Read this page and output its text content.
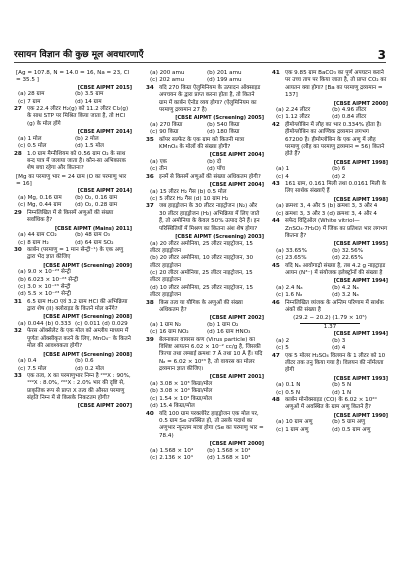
रसायन विज्ञान की कुछ मूल अवधारणाएँ	3
[Ag = 107.8, N = 14.0 = 16, Na = 23, Cl = 35.5 ]
[CBSE AIPMT 2015]
(a) 28 ग्राम	(b) 3.5 ग्राम
(c) 7 ग्राम	(d) 14 ग्राम
27 एक 22.4 लीटर H₂(g) को 11.2 लीटर Cl₂(g) के साथ STP पर मिश्रित किया जाता है, तो HCl (g) के मोल होंगे
[CBSE AIPMT 2014]
(a) 1 मोल	(b) 2 मोल
(c) 0.5 मोल	(d) 1.5 मोल
28 1.0 ग्राम मैग्नीशियम को 0.56 ग्राम O₂ के साथ बन्द पात्र में जलाया जाता है। कौन-सा अभिकारक शेष बचा रहेगा और कितना?
[Mg का परमाणु भार = 24 ग्राम (O का परमाणु भार = 16]
[CBSE AIPMT 2014]
(a) Mg, 0.16 ग्राम	(b) O₂, 0.16 ग्राम
(c) Mg, 0.44 ग्राम	(d) O₂, 0.28 ग्राम
29 निम्नलिखित में से किसमें अणुओं की संख्या सर्वाधिक है?
[CBSE AIPMT (Mains) 2011]
(a) 44 ग्राम CO₂	(b) 48 ग्राम O₃
(c) 8 ग्राम H₂	(d) 64 ग्राम SO₂
30 कार्बन (परमाणु = 1 मान सेन्ट्री⁻¹) के एक अणु द्वारा भेद ज्ञात कीजिए
[CBSE AIPMT (Screening) 2009]
(a) 9.0 × 10⁻²³ सेन्ट्री
(b) 6.023 × 10⁻²³ सेन्ट्री
(c) 3.0 × 10⁻²³ सेन्ट्री
(d) 5.5 × 10⁻²³ सेन्ट्री
31 6.5 ग्राम H₂O एवं 3.2 ग्राम HCl की अभिक्रिया द्वारा शेष (II) क्लोराइड के कितने मोल बनेंगे?
[CBSE AIPMT (Screening) 2008]
(a) 0.044 (b) 0.333 (c) 0.011 (d) 0.029
32 फेरस ऑक्सेलेट के एक मोल को अम्लीय माध्यम में पूर्णतः ऑक्सीकृत करने के लिए, MnO₄⁻ के कितने मोल की आवश्यकता होगी?
[CBSE AIPMT (Screening) 2008]
(a) 0.4	(b) 0.6
(c) 7.5 मोल	(d) 0.2 मोल
33 एक तत्व, X का परमाणुभार निम्न है ²⁰⁰X : 90%, ¹⁹⁹X : 8.0%, ²⁰²X : 2.0% भार की दृष्टि से, प्राकृतिक रूप से प्राप्त X तत्व की औसत परमाणु संहति निम्न में से किसके निकटतम होगी?
[CBSE AIPMT 2007]
(a) 200 amu	(b) 201 amu
(c) 202 amu	(d) 199 amu
34 यदि 270 किग्रा ऐलुमिनियम के उत्पादन ऑक्साइड अपचयन के द्वारा प्राप्त करना होता है, तो कितने ग्राम में कार्बन ऐनोड व्यय होगा? (ऐलुमिनियम का परमाणु द्रव्यमान 27 है)
[CBSE AIPMT (Screening) 2005]
(a) 270 किग्रा	(b) 540 किग्रा
(c) 90 किग्रा	(d) 180 किग्रा
35 कॉपर सल्फेट के एक ग्राम को कितनी मात्रा KMnO₄ के मोलों की संख्या होगी?
[CBSE AIPMT 2004]
(a) एक	(b) दो
(c) तीन	(d) पाँच
36 इनमें से किसमें अणुओं की संख्या अधिकतम होगी?
[CBSE AIPMT 2004]
(a) 15 लीटर H₂ गैस (b) 0.5 मोल
(c) 5 लीटर H₂ गैस (d) 10 ग्राम H₂
37 जब हाइड्रोजन के 30 लीटर नाइट्रोजन (N₂) और 30 लीटर हाइड्रोजन (H₂) अभिक्रिया में लिए जाते हैं, तो अमोनिया के केवल 50% उत्पाद देने हैं। इन परिस्थितियों में मिश्रण का कितना अंश शेष होगा?
[CBSE AIPMT (Screening) 2003]
(a) 20 लीटर अमोनिया, 25 लीटर नाइट्रोजन, 15 लीटर हाइड्रोजन
(b) 20 लीटर अमोनिया, 10 लीटर नाइट्रोजन, 30 लीटर हाइड्रोजन
(c) 20 लीटर अमोनिया, 25 लीटर नाइट्रोजन, 15 लीटर हाइड्रोजन
(d) 10 लीटर अमोनिया, 25 लीटर नाइट्रोजन, 15 लीटर हाइड्रोजन
38 किस तत्व या यौगिक के अणुओं की संख्या अधिकतम है?
[CBSE AIPMT 2002]
(a) 1 ग्राम N₂	(b) 1 ग्राम O₂
(c) 16 ग्राम NO₂	(d) 16 ग्राम HNO₃
39 बेलनाकार वायरस कण (Virus particle) का विशिष्ट आयतन 6.02 × 10⁻² cc/g है, जिसकी त्रिज्या तथा लम्बाई क्रमशः 7 Å तथा 10 Å हैं। यदि Nₐ = 6.02 × 10²³ है, तो वायरस का मोलर द्रव्यमान ज्ञात कीजिए।
[CBSE AIPMT 2001]
(a) 3.08 × 10³ किग्रा/मोल
(b) 3.08 × 10⁴ किग्रा/मोल
(c) 1.54 × 10⁴ किग्रा/मोल
(d) 15.4 किग्रा/मोल
40 यदि 100 ग्राम परक्लोरेट हाइड्रोजन एक मोल पर, 0.5 ग्राम Se उपस्थित हो, तो उसके पदार्थ का अणुभार न्यूनतम मात्रा होगा (Se का परमाणु भार = 78.4)
[CBSE AIPMT 2000]
(a) 1.568 × 10⁴	(b) 1.568 × 10³
(c) 2.136 × 10⁴	(d) 1.568 × 10⁴
41 एक 9.85 ग्राम BaCO₃ का पूर्ण अपघटन कराने पर उच्च ताप पर किया जाता है, तो प्राप्त CO₂ का आयतन क्या होगा? [Ba का परमाणु द्रव्यमान = 137]
[CBSE AIPMT 2000]
(a) 2.24 लीटर	(b) 4.96 लीटर
(c) 1.12 लीटर	(d) 0.84 लीटर
42 हीमोग्लोबिन में लौह का भार 0.334% होता है। हीमोग्लोबिन का आण्विक द्रव्यमान लगभग 67200 है। हीमोग्लोबिन के एक अणु में लौह परमाणु (लौह का परमाणु द्रव्यमान = 56) कितने होते हैं?
[CBSE AIPMT 1998]
(a) 1	(b) 6
(c) 4	(d) 2
43 161 ग्राम, 0.161 मिली तथा 0.0161 मिली के लिए सार्थक संख्याएँ हैं
[CBSE AIPMT 1998]
(a) क्रमशः 3, 4 और 5 (b) क्रमशः 3, 3 और 4
(c) क्रमशः 3, 3 और 3 (d) क्रमशः 3, 4 और 4
44 सफेद विट्रिओल (White vitriol—ZnSO₄·7H₂O) में जिंक का प्रतिशत भार लगभग कितना है?
[CBSE AIPMT 1995]
(a) 33.65%	(b) 32.56%
(c) 23.65%	(d) 22.65%
45 यदि Nₐ आवोगाद्रो संख्या है, तब 4.2 g नाइट्राइड आयन (N³⁻) में संयोजक इलेक्ट्रॉनों की संख्या है
[CBSE AIPMT 1994]
(a) 2.4 Nₐ	(b) 4.2 Nₐ
(c) 1.6 Nₐ	(d) 3.2 Nₐ
46 निम्नलिखित व्यंजक के अन्तिम परिणाम में सार्थक अंकों की संख्या है
(29.2 − 20.2) (1.79 × 10⁵)
1.37
[CBSE AIPMT 1994]
(a) 2	(b) 3
(c) 5	(d) 4
47 एक 5 मोलर H₂SO₄ विलयन के 1 लीटर को 10 लीटर तक तनु किया गया है। विलयन की नॉर्मलता होगी
[CBSE AIPMT 1993]
(a) 0.1 N	(b) 5 N
(c) 0.5 N	(d) 1 N
48 कार्बन मोनोक्साइड (CO) के 6.02 × 10²⁰ अणुओं में अवस्थित के ग्राम अणु कितने हैं?
[CBSE AIPMT 1990]
(a) 10 ग्राम अणु	(b) 5 ग्राम अणु
(c) 1 ग्राम अणु	(d) 0.5 ग्राम अणु
